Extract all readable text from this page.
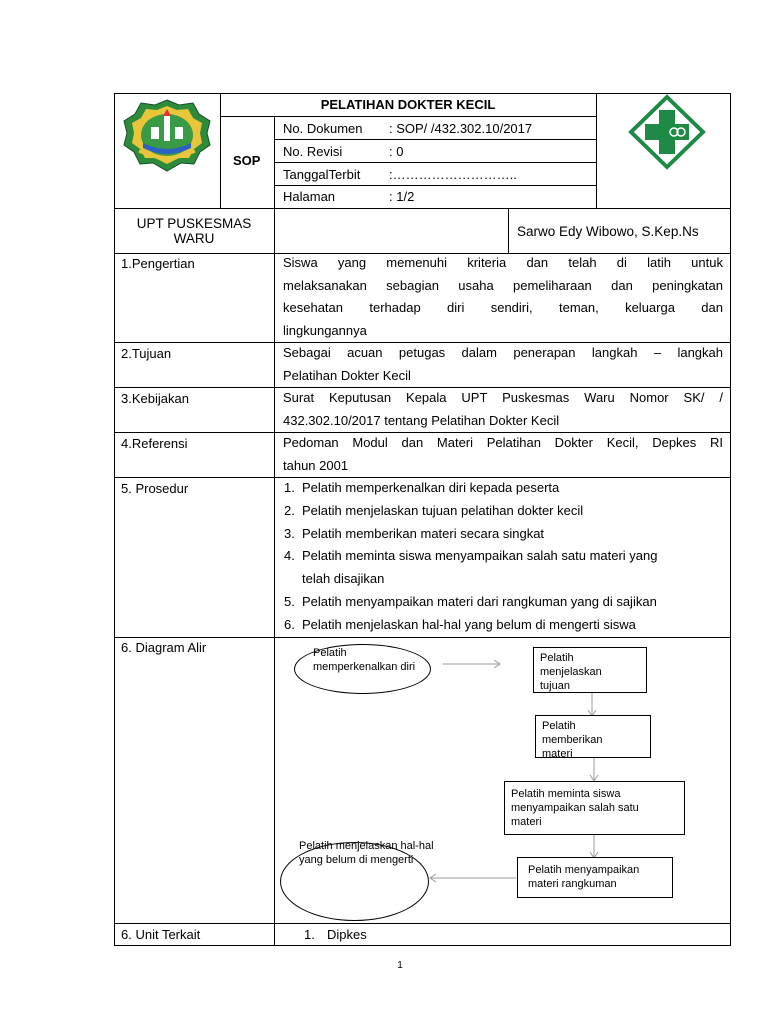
SOP
PELATIHAN DOKTER KECIL
No. Dokumen : SOP/ /432.302.10/2017
No. Revisi	: 0
TanggalTerbit :………………………..
Halaman	: 1/2
UPT PUSKESMAS
WARU	Sarwo Edy Wibowo, S.Kep.Ns
1.Pengertian	Siswa yang memenuhi kriteria dan telah di latih untuk
melaksanakan sebagian usaha pemeliharaan dan peningkatan
kesehatan terhadap diri sendiri, teman, keluarga dan
lingkungannya
2.Tujuan	Sebagai acuan petugas dalam penerapan langkah – langkah
Pelatihan Dokter Kecil
3.Kebijakan	Surat Keputusan Kepala UPT Puskesmas Waru Nomor SK/ /
432.302.10/2017 tentang Pelatihan Dokter Kecil
4.Referensi	Pedoman Modul dan Materi Pelatihan Dokter Kecil, Depkes RI
tahun 2001
5. Prosedur	1. Pelatih memperkenalkan diri kepada peserta
2. Pelatih menjelaskan tujuan pelatihan dokter kecil
3. Pelatih memberikan materi secara singkat
4. Pelatih meminta siswa menyampaikan salah satu materi yang
telah disajikan
5. Pelatih menyampaikan materi dari rangkuman yang di sajikan
6. Pelatih menjelaskan hal-hal yang belum di mengerti siswa
6. Diagram Alir	Pelatih
memperkenalkan diri
Pelatih
menjelaskan
tujuan
Pelatih
memberikan
materi
Pelatih meminta siswa
menyampaikan salah satu
materi
Pelatih menyampaikan
materi rangkuman
Pelatih menjelaskan hal-hal
yang belum di mengerti
6. Unit Terkait	1. Dipkes
1
